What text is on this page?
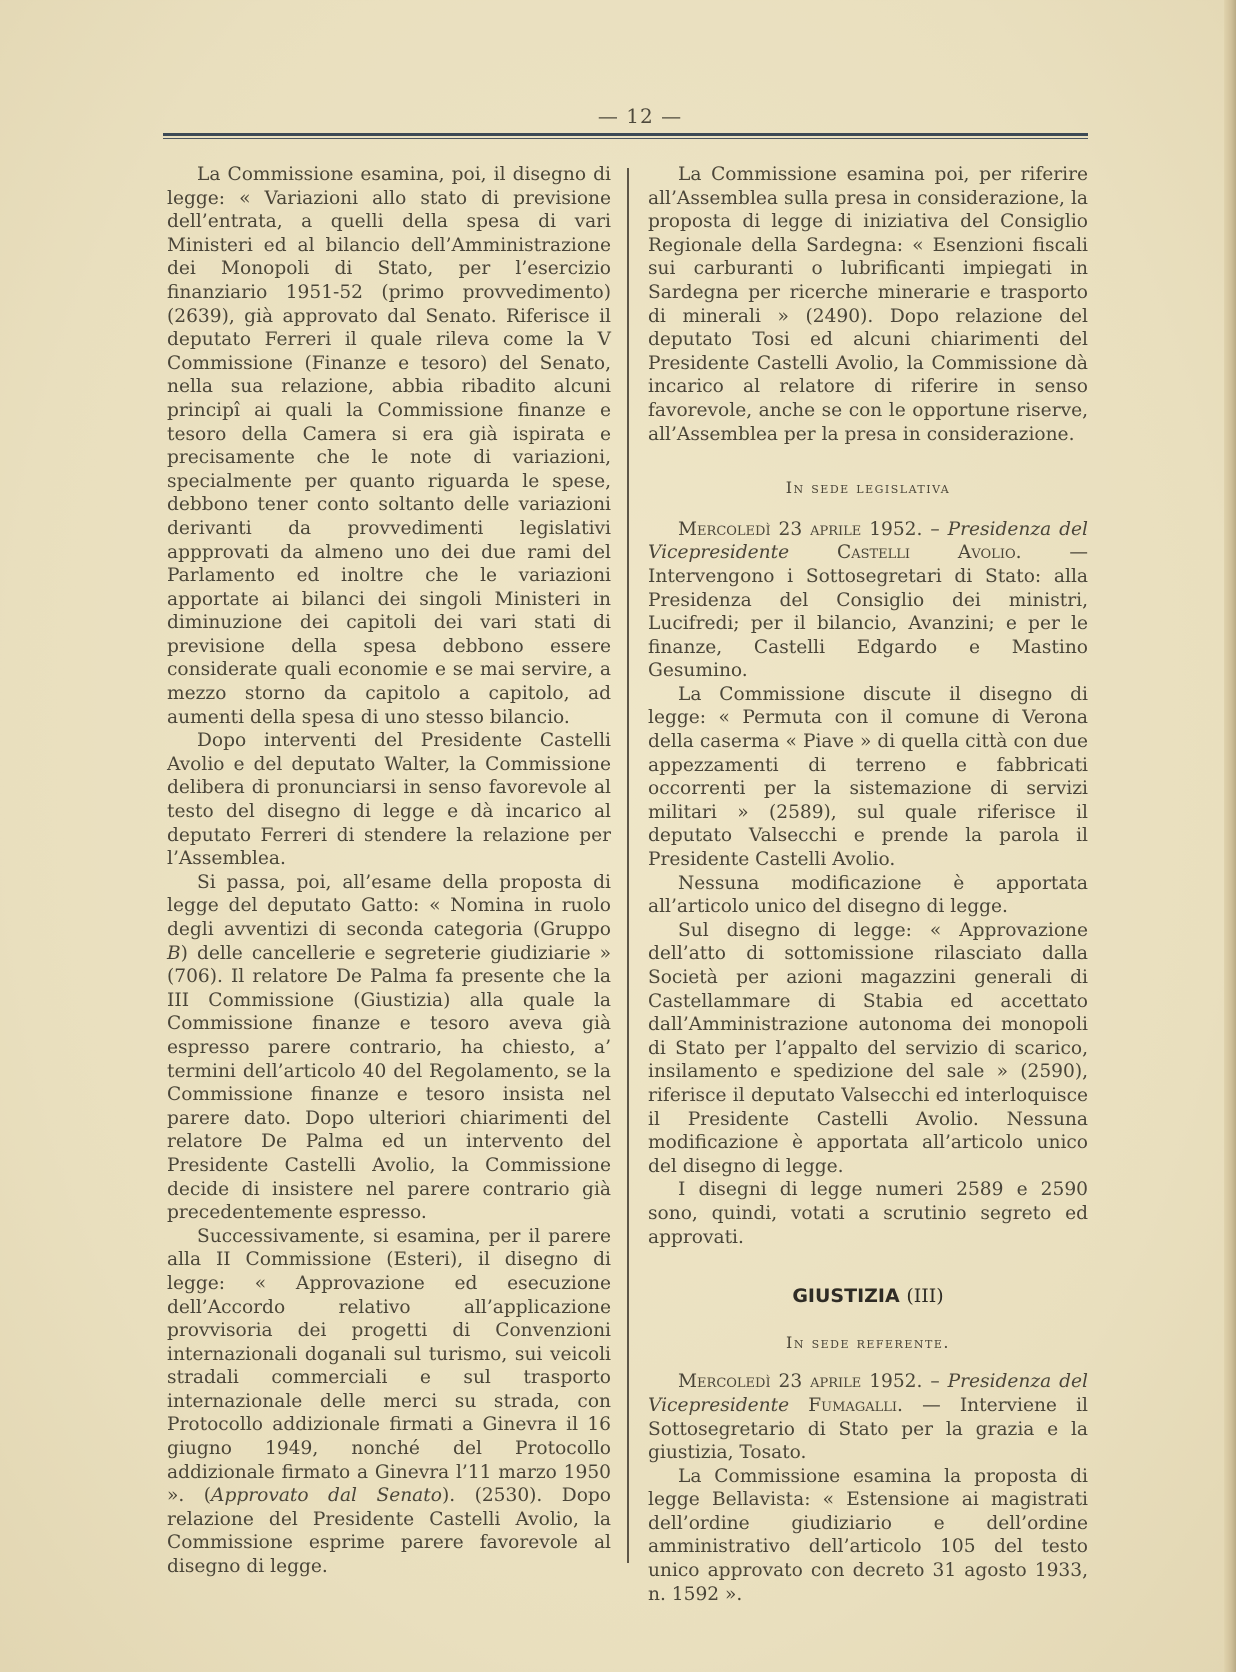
— 12 —

La Commissione esamina, poi, il disegno di legge: « Variazioni allo stato di previsione dell’entrata, a quelli della spesa di vari Ministeri ed al bilancio dell’Amministrazione dei Monopoli di Stato, per l’esercizio finanziario 1951-52 (primo provvedimento) (2639), già approvato dal Senato. Riferisce il deputato Ferreri il quale rileva come la V Commissione (Finanze e tesoro) del Senato, nella sua relazione, abbia ribadito alcuni principî ai quali la Commissione finanze e tesoro della Camera si era già ispirata e precisamente che le note di variazioni, specialmente per quanto riguarda le spese, debbono tener conto soltanto delle variazioni derivanti da provvedimenti legislativi appprovati da almeno uno dei due rami del Parlamento ed inoltre che le variazioni apportate ai bilanci dei singoli Ministeri in diminuzione dei capitoli dei vari stati di previsione della spesa debbono essere considerate quali economie e se mai servire, a mezzo storno da capitolo a capitolo, ad aumenti della spesa di uno stesso bilancio.

Dopo interventi del Presidente Castelli Avolio e del deputato Walter, la Commissione delibera di pronunciarsi in senso favorevole al testo del disegno di legge e dà incarico al deputato Ferreri di stendere la relazione per l’Assemblea.

Si passa, poi, all’esame della proposta di legge del deputato Gatto: « Nomina in ruolo degli avventizi di seconda categoria (Gruppo B) delle cancellerie e segreterie giudiziarie » (706). Il relatore De Palma fa presente che la III Commissione (Giustizia) alla quale la Commissione finanze e tesoro aveva già espresso parere contrario, ha chiesto, a’ termini dell’articolo 40 del Regolamento, se la Commissione finanze e tesoro insista nel parere dato. Dopo ulteriori chiarimenti del relatore De Palma ed un intervento del Presidente Castelli Avolio, la Commissione decide di insistere nel parere contrario già precedentemente espresso.

Successivamente, si esamina, per il parere alla II Commissione (Esteri), il disegno di legge: « Approvazione ed esecuzione dell’Accordo relativo all’applicazione provvisoria dei progetti di Convenzioni internazionali doganali sul turismo, sui veicoli stradali commerciali e sul trasporto internazionale delle merci su strada, con Protocollo addizionale firmati a Ginevra il 16 giugno 1949, nonché del Protocollo addizionale firmato a Ginevra l’11 marzo 1950 ». (Approvato dal Senato). (2530). Dopo relazione del Presidente Castelli Avolio, la Commissione esprime parere favorevole al disegno di legge.

La Commissione esamina poi, per riferire all’Assemblea sulla presa in considerazione, la proposta di legge di iniziativa del Consiglio Regionale della Sardegna: « Esenzioni fiscali sui carburanti o lubrificanti impiegati in Sardegna per ricerche minerarie e trasporto di minerali » (2490). Dopo relazione del deputato Tosi ed alcuni chiarimenti del Presidente Castelli Avolio, la Commissione dà incarico al relatore di riferire in senso favorevole, anche se con le opportune riserve, all’Assemblea per la presa in considerazione.

In sede legislativa

Mercoledì 23 aprile 1952. – Presidenza del Vicepresidente	Castelli Avolio. — Intervengono i Sottosegretari di Stato: alla Presidenza del Consiglio dei ministri, Lucifredi; per il bilancio, Avanzini; e per le finanze, Castelli Edgardo e Mastino Gesumino.

La Commissione discute il disegno di legge: « Permuta con il comune di Verona della caserma « Piave » di quella città con due appezzamenti di terreno e fabbricati occorrenti per la sistemazione di servizi militari » (2589), sul quale riferisce il deputato Valsecchi e prende la parola il Presidente Castelli Avolio.

Nessuna modificazione è apportata all’articolo unico del disegno di legge.

Sul disegno di legge: « Approvazione dell’atto di sottomissione rilasciato dalla Società per azioni magazzini generali di Castellammare di Stabia ed accettato dall’Amministrazione autonoma dei monopoli di Stato per l’appalto del servizio di scarico, insilamento e spedizione del sale » (2590), riferisce il deputato Valsecchi ed interloquisce il Presidente Castelli Avolio. Nessuna modificazione è apportata all’articolo unico del disegno di legge.

I disegni di legge numeri 2589 e 2590 sono, quindi, votati a scrutinio segreto ed approvati.

GIUSTIZIA (III)
In sede referente.

Mercoledì 23 aprile 1952. – Presidenza del Vicepresidente Fumagalli. — Interviene il Sottosegretario di Stato per la grazia e la giustizia, Tosato.

La Commissione esamina la proposta di legge Bellavista: « Estensione ai magistrati dell’ordine giudiziario e dell’ordine amministrativo dell’articolo 105 del testo unico approvato con decreto 31 agosto 1933, n. 1592 ».
